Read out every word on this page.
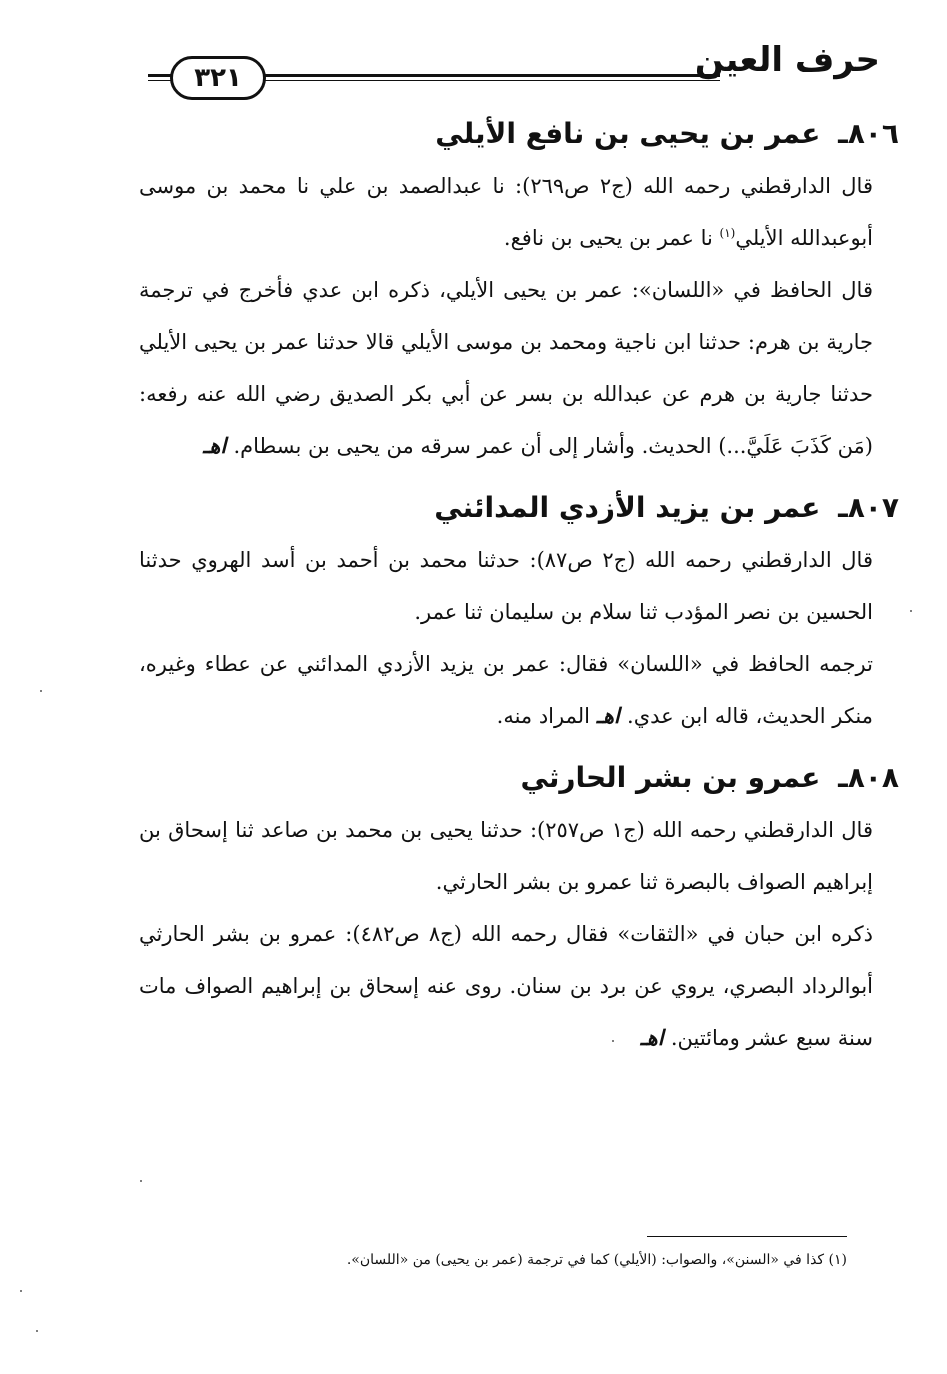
٣٢١	حرف العين
٨٠٦ـ عمر بن يحيى بن نافع الأيلي

قال الدارقطني رحمه الله (ج٢ ص٢٦٩): نا عبدالصمد بن علي نا محمد بن موسى أبوعبدالله الأيلي$^{(١)}$ نا عمر بن يحيى بن نافع.

قال الحافظ في «اللسان»: عمر بن يحيى الأيلي، ذكره ابن عدي فأخرج في ترجمة جارية بن هرم: حدثنا ابن ناجية ومحمد بن موسى الأيلي قالا حدثنا عمر بن يحيى الأيلي حدثنا جارية بن هرم عن عبدالله بن بسر عن أبي بكر الصديق رضي الله عنه رفعه: (مَن كَذَبَ عَلَيَّ...) الحديث. وأشار إلى أن عمر سرقه من يحيى بن بسطام. اهـ

٨٠٧ـ عمر بن يزيد الأزدي المدائني

قال الدارقطني رحمه الله (ج٢ ص٨٧): حدثنا محمد بن أحمد بن أسد الهروي حدثنا الحسين بن نصر المؤدب ثنا سلام بن سليمان ثنا عمر.

ترجمه الحافظ في «اللسان» فقال: عمر بن يزيد الأزدي المدائني عن عطاء وغيره، منكر الحديث، قاله ابن عدي. اهـ المراد منه.

٨٠٨ـ عمرو بن بشر الحارثي

قال الدارقطني رحمه الله (ج١ ص٢٥٧): حدثنا يحيى بن محمد بن صاعد ثنا إسحاق بن إبراهيم الصواف بالبصرة ثنا عمرو بن بشر الحارثي.

ذكره ابن حبان في «الثقات» فقال رحمه الله (ج٨ ص٤٨٢): عمرو بن بشر الحارثي أبوالرداد البصري، يروي عن برد بن سنان. روى عنه إسحاق بن إبراهيم الصواف مات سنة سبع عشر ومائتين. اهـ

(١) كذا في «السنن»، والصواب: (الأيلي) كما في ترجمة (عمر بن يحيى) من «اللسان».
